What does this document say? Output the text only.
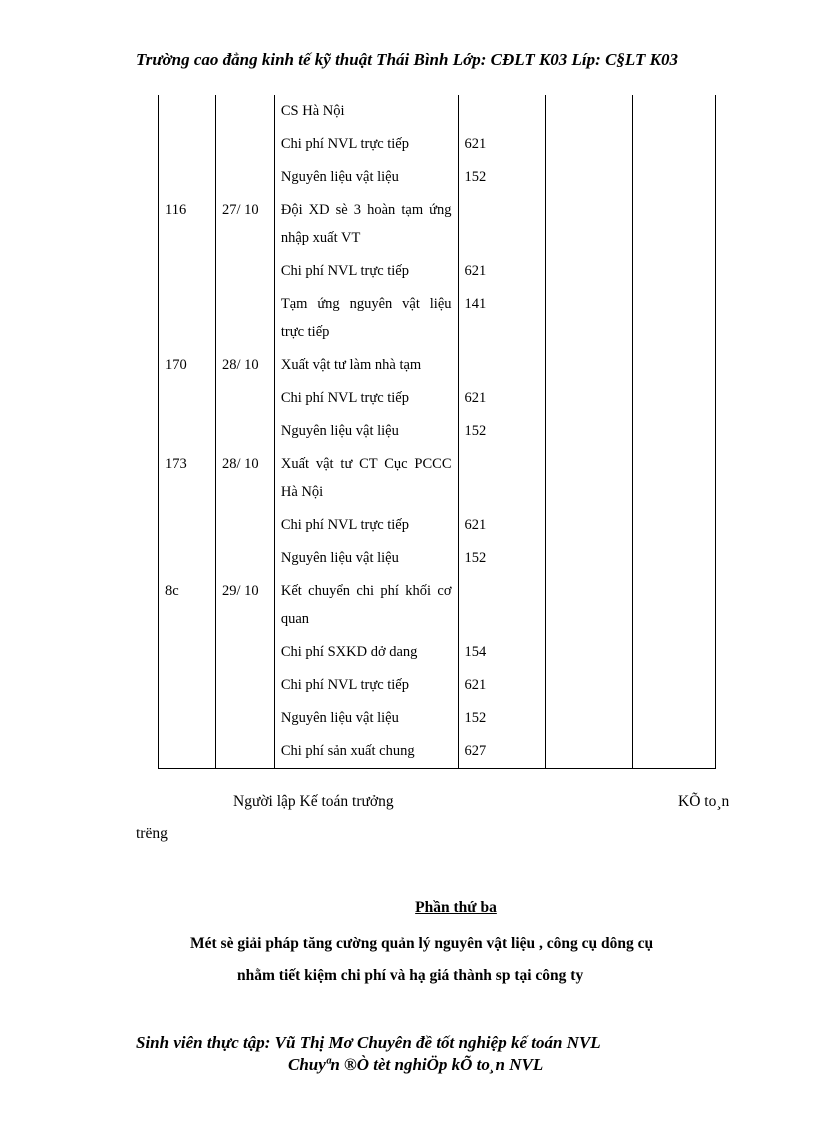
Trường cao đẳng kinh tế kỹ thuật Thái Bình Lớp: CĐLT K03 Líp: C§LT K03

		CS Hà Nội			

		Chi phí NVL trực tiếp	621		

		Nguyên liệu vật liệu	152		

116	27/ 10	Đội XD sè 3 hoàn tạm ứng nhập xuất VT			

		Chi phí NVL trực tiếp	621		

		Tạm ứng nguyên vật liệu trực tiếp	141		

170	28/ 10	Xuất vật tư làm nhà tạm			

		Chi phí NVL trực tiếp	621		

		Nguyên liệu vật liệu	152		

173	28/ 10	Xuất vật tư CT Cục PCCC Hà Nội			

		Chi phí NVL trực tiếp	621		

		Nguyên liệu vật liệu	152		

8c	29/ 10	Kết chuyển chi phí khối cơ quan			

		Chi phí SXKD dở dang	154		

		Chi phí NVL trực tiếp	621		

		Nguyên liệu vật liệu	152		

		Chi phí sản xuất chung	627		

Người lập Kế toán trưởng	KÕ to¸n
trëng
Phần thứ ba
Mét sè giải pháp tăng cường quản lý nguyên vật liệu , công cụ dông cụ
nhằm tiết kiệm chi phí và hạ giá thành sp tại công ty
Sinh viên thực tập: Vũ Thị Mơ Chuyên đề tốt nghiệp kế toán NVL
Chuyªn ®Ò tèt nghiÖp kÕ to¸n NVL
